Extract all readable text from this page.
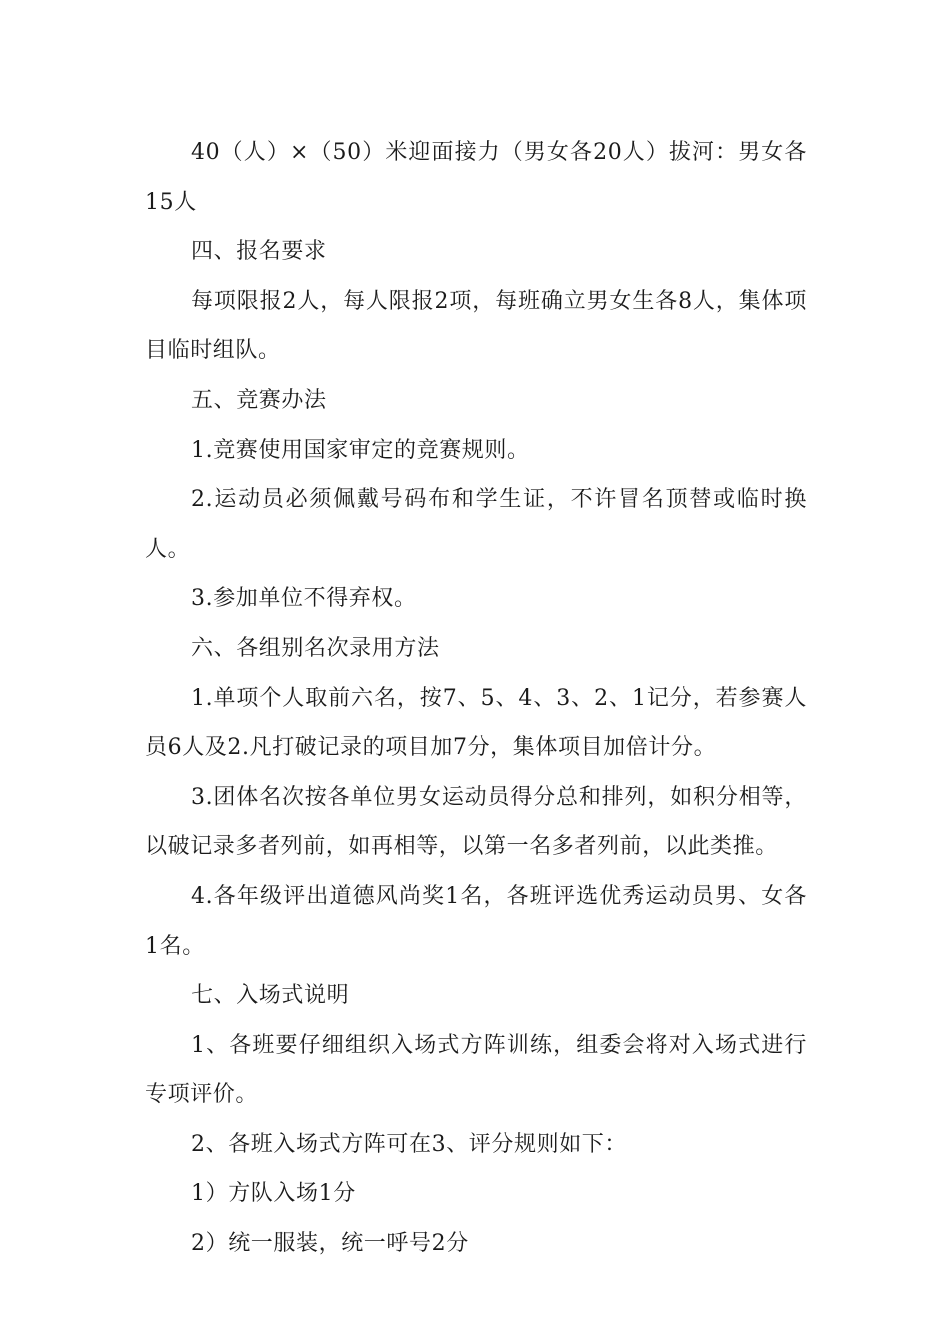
40（人）×（50）米迎面接力（男女各20人）拔河：男女各15人

四、报名要求

每项限报2人，每人限报2项，每班确立男女生各8人，集体项目临时组队。

五、竞赛办法

1.竞赛使用国家审定的竞赛规则。

2.运动员必须佩戴号码布和学生证，不许冒名顶替或临时换人。

3.参加单位不得弃权。

六、各组别名次录用方法

1.单项个人取前六名，按7、5、4、3、2、1记分，若参赛人员6人及2.凡打破记录的项目加7分，集体项目加倍计分。

3.团体名次按各单位男女运动员得分总和排列，如积分相等，以破记录多者列前，如再相等，以第一名多者列前，以此类推。

4.各年级评出道德风尚奖1名，各班评选优秀运动员男、女各1名。

七、入场式说明

1、各班要仔细组织入场式方阵训练，组委会将对入场式进行专项评价。

2、各班入场式方阵可在3、评分规则如下：

1）方队入场1分

2）统一服装，统一呼号2分
